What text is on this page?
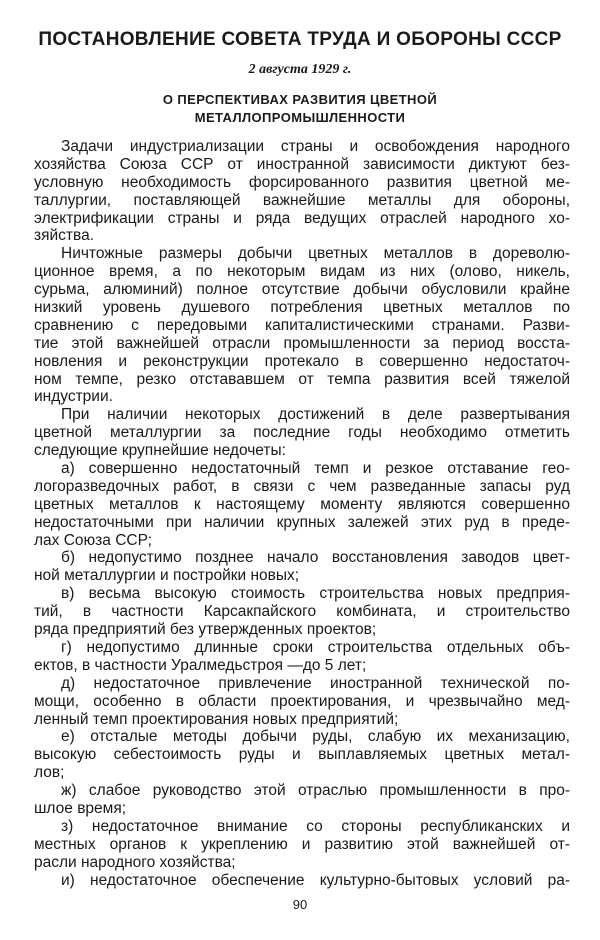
ПОСТАНОВЛЕНИЕ СОВЕТА ТРУДА И ОБОРОНЫ СССР
2 августа 1929 г.
О ПЕРСПЕКТИВАХ РАЗВИТИЯ ЦВЕТНОЙ
МЕТАЛЛОПРОМЫШЛЕННОСТИ
Задачи индустриализации страны и освобождения народного
хозяйства Союза ССР от иностранной зависимости диктуют без-
условную необходимость форсированного развития цветной ме-
таллургии, поставляющей важнейшие металлы для обороны,
электрификации страны и ряда ведущих отраслей народного хо-
зяйства.
Ничтожные размеры добычи цветных металлов в дореволю-
ционное время, а по некоторым видам из них (олово, никель,
сурьма, алюминий) полное отсутствие добычи обусловили крайне
низкий уровень душевого потребления цветных металлов по
сравнению с передовыми капиталистическими странами. Разви-
тие этой важнейшей отрасли промышленности за период восста-
новления и реконструкции протекало в совершенно недостаточ-
ном темпе, резко отстававшем от темпа развития всей тяжелой
индустрии.
При наличии некоторых достижений в деле развертывания
цветной металлургии за последние годы необходимо отметить
следующие крупнейшие недочеты:
а) совершенно недостаточный темп и резкое отставание гео-
логоразведочных работ, в связи с чем разведанные запасы руд
цветных металлов к настоящему моменту являются совершенно
недостаточными при наличии крупных залежей этих руд в преде-
лах Союза ССР;
б) недопустимо позднее начало восстановления заводов цвет-
ной металлургии и постройки новых;
в) весьма высокую стоимость строительства новых предприя-
тий, в частности Карсакпайского комбината, и строительство
ряда предприятий без утвержденных проектов;
г) недопустимо длинные сроки строительства отдельных объ-
ектов, в частности Уралмедьстроя —до 5 лет;
д) недостаточное привлечение иностранной технической по-
мощи, особенно в области проектирования, и чрезвычайно мед-
ленный темп проектирования новых предприятий;
е) отсталые методы добычи руды, слабую их механизацию,
высокую себестоимость руды и выплавляемых цветных метал-
лов;
ж) слабое руководство этой отраслью промышленности в про-
шлое время;
з) недостаточное внимание со стороны республиканских и
местных органов к укреплению и развитию этой важнейшей от-
расли народного хозяйства;
и) недостаточное обеспечение культурно-бытовых условий ра-
90
